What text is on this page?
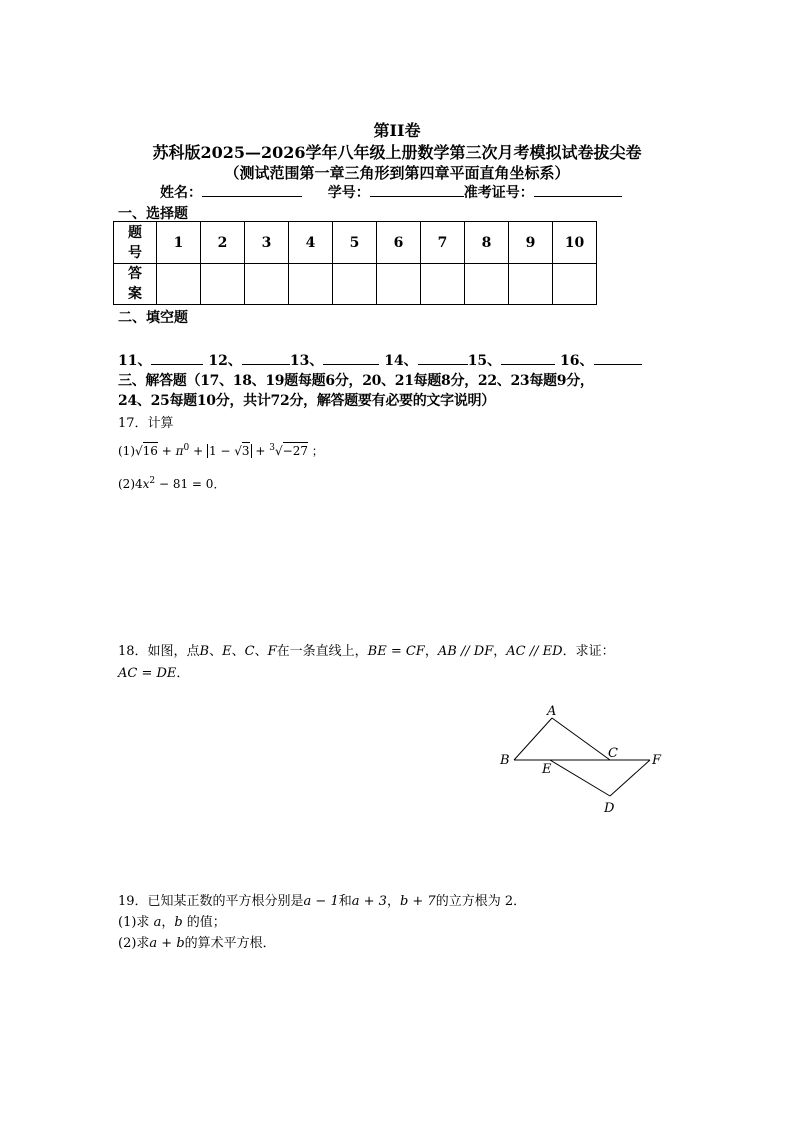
第II卷
苏科版2025—2026学年八年级上册数学第三次月考模拟试卷拔尖卷
（测试范围第一章三角形到第四章平面直角坐标系）
姓名：	学号：	准考证号：
一、选择题
题
号	1	2	3	4	5	6	7	8	9	10

答
案										

二、填空题
11、	12、	13、	14、	15、	16、
三、解答题（17、18、19题每题6分，20、21每题8分，22、23每题9分，
24、25每题10分，共计72分，解答题要有必要的文字说明）
17．计算
$(1)√16 + \pi^0 + 1 - √3 + ^3√-27$ ；
$(2)4x^2 - 81 = 0$．
18．如图，点B、E、C、F在一条直线上，BE = CF，AB // DF，AC // ED．求证：
AC = DE．
A
B	C
D
E
F
19．已知某正数的平方根分别是a − 1和a + 3，b + 7的立方根为 2．
(1)求 a，b 的值；
(2)求a + b的算术平方根．
